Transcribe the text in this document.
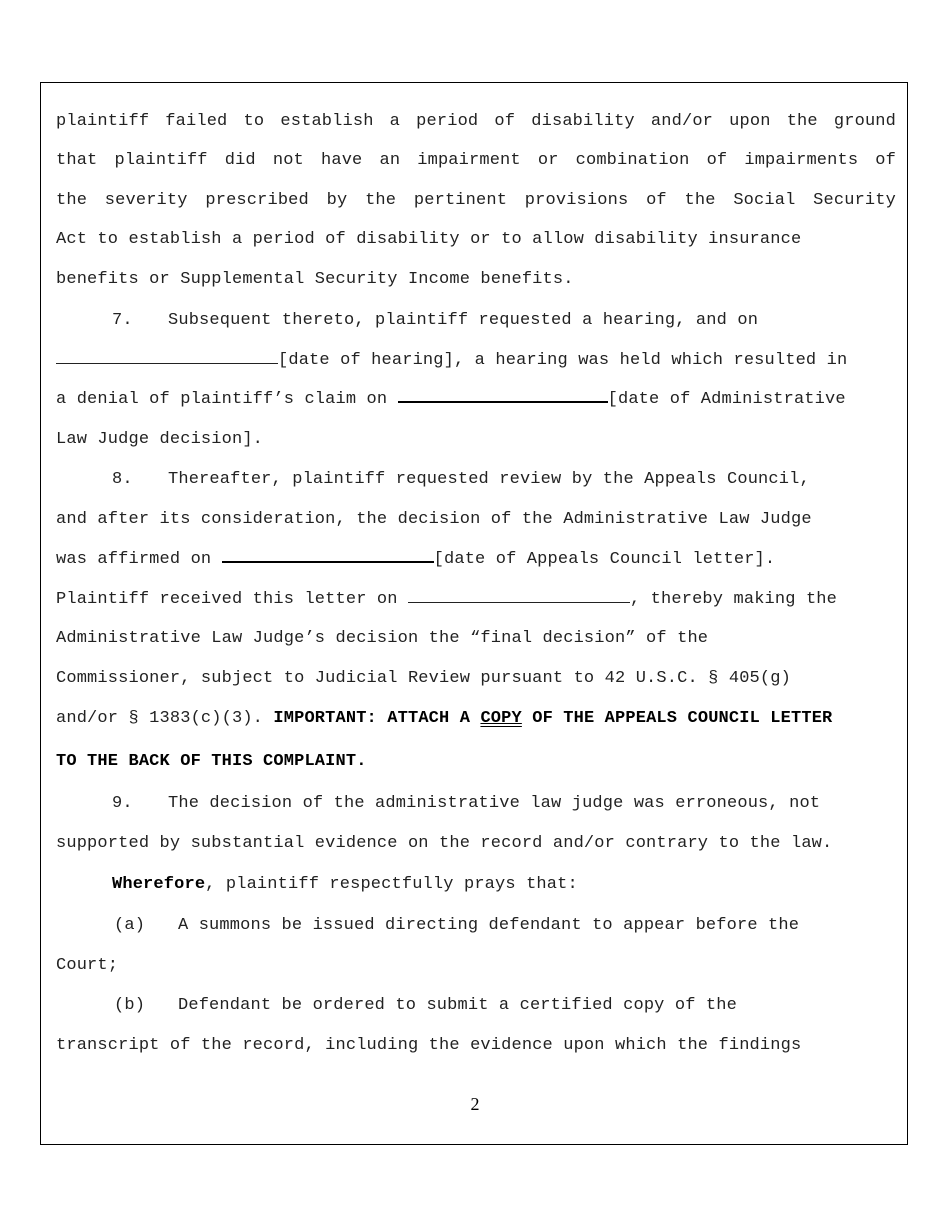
plaintiff failed to establish a period of disability and/or upon the ground
that plaintiff did not have an impairment or combination of impairments of
the severity prescribed by the pertinent provisions of the Social Security
Act to establish a period of disability or to allow disability insurance
benefits or Supplemental Security Income benefits.
7. Subsequent thereto, plaintiff requested a hearing, and on
[date of hearing], a hearing was held which resulted in
a denial of plaintiff’s claim on	[date of Administrative
Law Judge decision].
8. Thereafter, plaintiff requested review by the Appeals Council,
and after its consideration, the decision of the Administrative Law Judge
was affirmed on	[date of Appeals Council letter].
Plaintiff received this letter on	, thereby making the
Administrative Law Judge’s decision the “final decision” of the
Commissioner, subject to Judicial Review pursuant to 42 U.S.C. § 405(g)
and/or § 1383(c)(3). IMPORTANT: ATTACH A COPY OF THE APPEALS COUNCIL LETTER
TO THE BACK OF THIS COMPLAINT.
9. The decision of the administrative law judge was erroneous, not
supported by substantial evidence on the record and/or contrary to the law.
Wherefore, plaintiff respectfully prays that:
(a) A summons be issued directing defendant to appear before the
Court;
(b) Defendant be ordered to submit a certified copy of the
transcript of the record, including the evidence upon which the findings
2
